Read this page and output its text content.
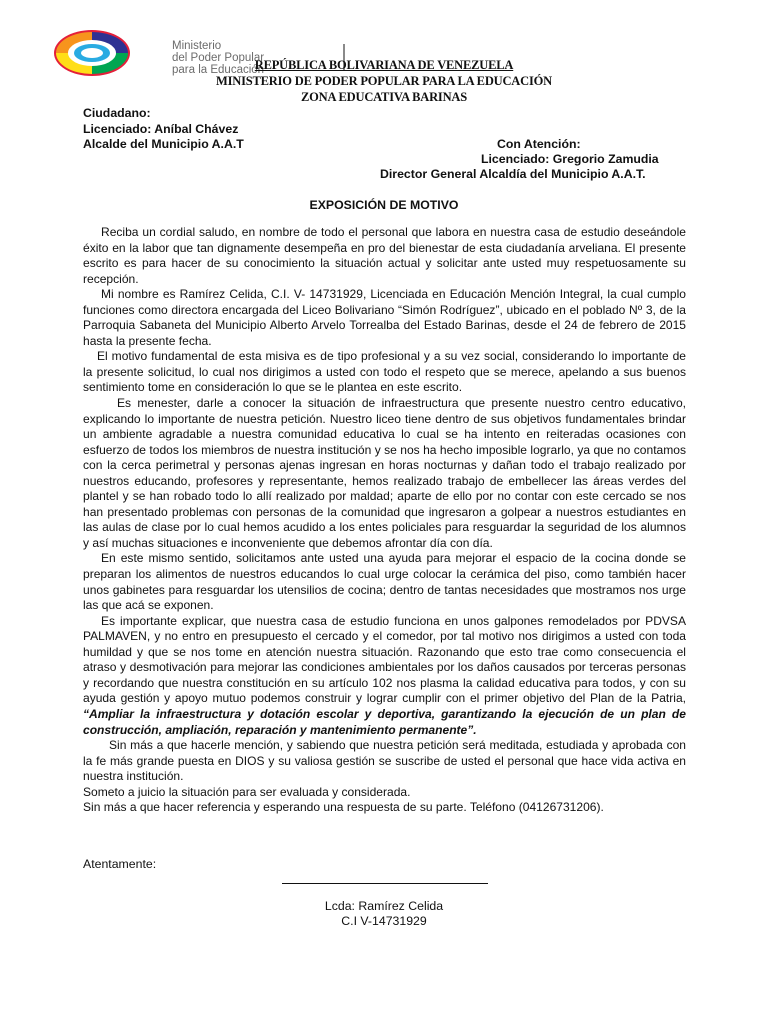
Ministerio
del Poder Popular
para la Educación
REPÚBLICA BOLIVARIANA DE VENEZUELA
MINISTERIO DE PODER POPULAR PARA LA EDUCACIÓN
ZONA EDUCATIVA BARINAS
Ciudadano:
Licenciado: Aníbal Chávez
Alcalde del Municipio A.A.T	Con Atención:
Licenciado: Gregorio Zamudia
Director General Alcaldía del Municipio A.A.T.
EXPOSICIÓN DE MOTIVO

Reciba un cordial saludo, en nombre de todo el personal que labora en nuestra casa de estudio deseándole éxito en la labor que tan dignamente desempeña en pro del bienestar de esta ciudadanía arveliana. El presente escrito es para hacer de su conocimiento la situación actual y solicitar ante usted muy respetuosamente su recepción.

Mi nombre es Ramírez Celida, C.I. V- 14731929, Licenciada en Educación Mención Integral, la cual cumplo funciones como directora encargada del Liceo Bolivariano “Simón Rodríguez”, ubicado en el poblado Nº 3, de la Parroquia Sabaneta del Municipio Alberto Arvelo Torrealba del Estado Barinas, desde el 24 de febrero de 2015 hasta la presente fecha.

El motivo fundamental de esta misiva es de tipo profesional y a su vez social, considerando lo importante de la presente solicitud, lo cual nos dirigimos a usted con todo el respeto que se merece, apelando a sus buenos sentimiento tome en consideración lo que se le plantea en este escrito.

Es menester, darle a conocer la situación de infraestructura que presente nuestro centro educativo, explicando lo importante de nuestra petición. Nuestro liceo tiene dentro de sus objetivos fundamentales brindar un ambiente agradable a nuestra comunidad educativa lo cual se ha intento en reiteradas ocasiones con esfuerzo de todos los miembros de nuestra institución y se nos ha hecho imposible lograrlo, ya que no contamos con la cerca perimetral y personas ajenas ingresan en horas nocturnas y dañan todo el trabajo realizado por nuestros educando, profesores y representante, hemos realizado trabajo de embellecer las áreas verdes del plantel y se han robado todo lo allí realizado por maldad; aparte de ello por no contar con este cercado se nos han presentado problemas con personas de la comunidad que ingresaron a golpear a nuestros estudiantes en las aulas de clase por lo cual hemos acudido a los entes policiales para resguardar la seguridad de los alumnos y así muchas situaciones e inconveniente que debemos afrontar día con día.

En este mismo sentido, solicitamos ante usted una ayuda para mejorar el espacio de la cocina donde se preparan los alimentos de nuestros educandos lo cual urge colocar la cerámica del piso, como también hacer unos gabinetes para resguardar los utensilios de cocina; dentro de tantas necesidades que mostramos nos urge las que acá se exponen.

Es importante explicar, que nuestra casa de estudio funciona en unos galpones remodelados por PDVSA PALMAVEN, y no entro en presupuesto el cercado y el comedor, por tal motivo nos dirigimos a usted con toda humildad y que se nos tome en atención nuestra situación. Razonando que esto trae como consecuencia el atraso y desmotivación para mejorar las condiciones ambientales por los daños causados por terceras personas y recordando que nuestra constitución en su artículo 102 nos plasma la calidad educativa para todos, y con su ayuda gestión y apoyo mutuo podemos construir y lograr cumplir con el primer objetivo del Plan de la Patria, “Ampliar la infraestructura y dotación escolar y deportiva, garantizando la ejecución de un plan de construcción, ampliación, reparación y mantenimiento permanente”.

Sin más a que hacerle mención, y sabiendo que nuestra petición será meditada, estudiada y aprobada con la fe más grande puesta en DIOS y su valiosa gestión se suscribe de usted el personal que hace vida activa en nuestra institución.

Someto a juicio la situación para ser evaluada y considerada.

Sin más a que hacer referencia y esperando una respuesta de su parte. Teléfono (04126731206).

Atentamente:
Lcda: Ramírez Celida
C.I V-14731929
